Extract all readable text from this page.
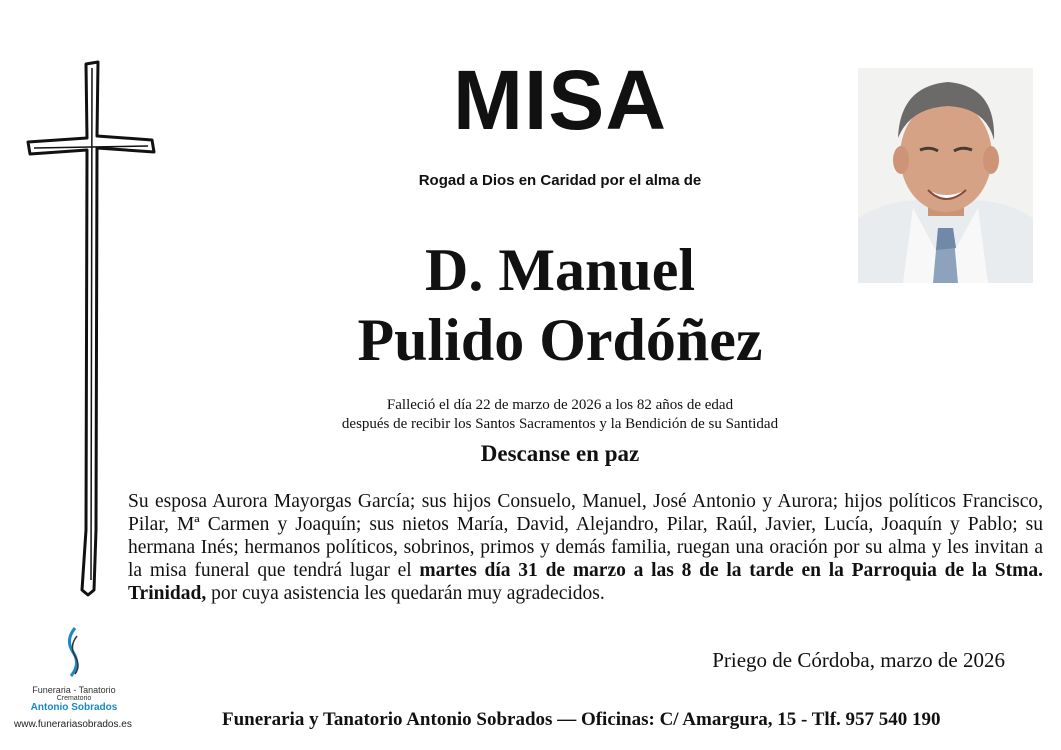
MISA
Rogad a Dios en Caridad por el alma de
D. Manuel
Pulido Ordóñez
Falleció el día 22 de marzo de 2026 a los 82 años de edad
después de recibir los Santos Sacramentos y la Bendición de su Santidad
Descanse en paz
Su esposa Aurora Mayorgas García; sus hijos Consuelo, Manuel, José Antonio y Aurora; hijos políticos Francisco, Pilar, Mª Carmen y Joaquín; sus nietos María, David, Alejandro, Pilar, Raúl, Javier, Lucía, Joaquín y Pablo; su hermana Inés; hermanos políticos, sobrinos, primos y demás familia, ruegan una oración por su alma y les invitan a la misa funeral que tendrá lugar el martes día 31 de marzo a las 8 de la tarde en la Parroquia de la Stma. Trinidad, por cuya asistencia les quedarán muy agradecidos.
Priego de Córdoba, marzo de 2026
Funeraria y Tanatorio Antonio Sobrados — Oficinas: C/ Amargura, 15 - Tlf. 957 540 190
Funeraria - Tanatorio
Crematorio
Antonio Sobrados
www.funerariasobrados.es
